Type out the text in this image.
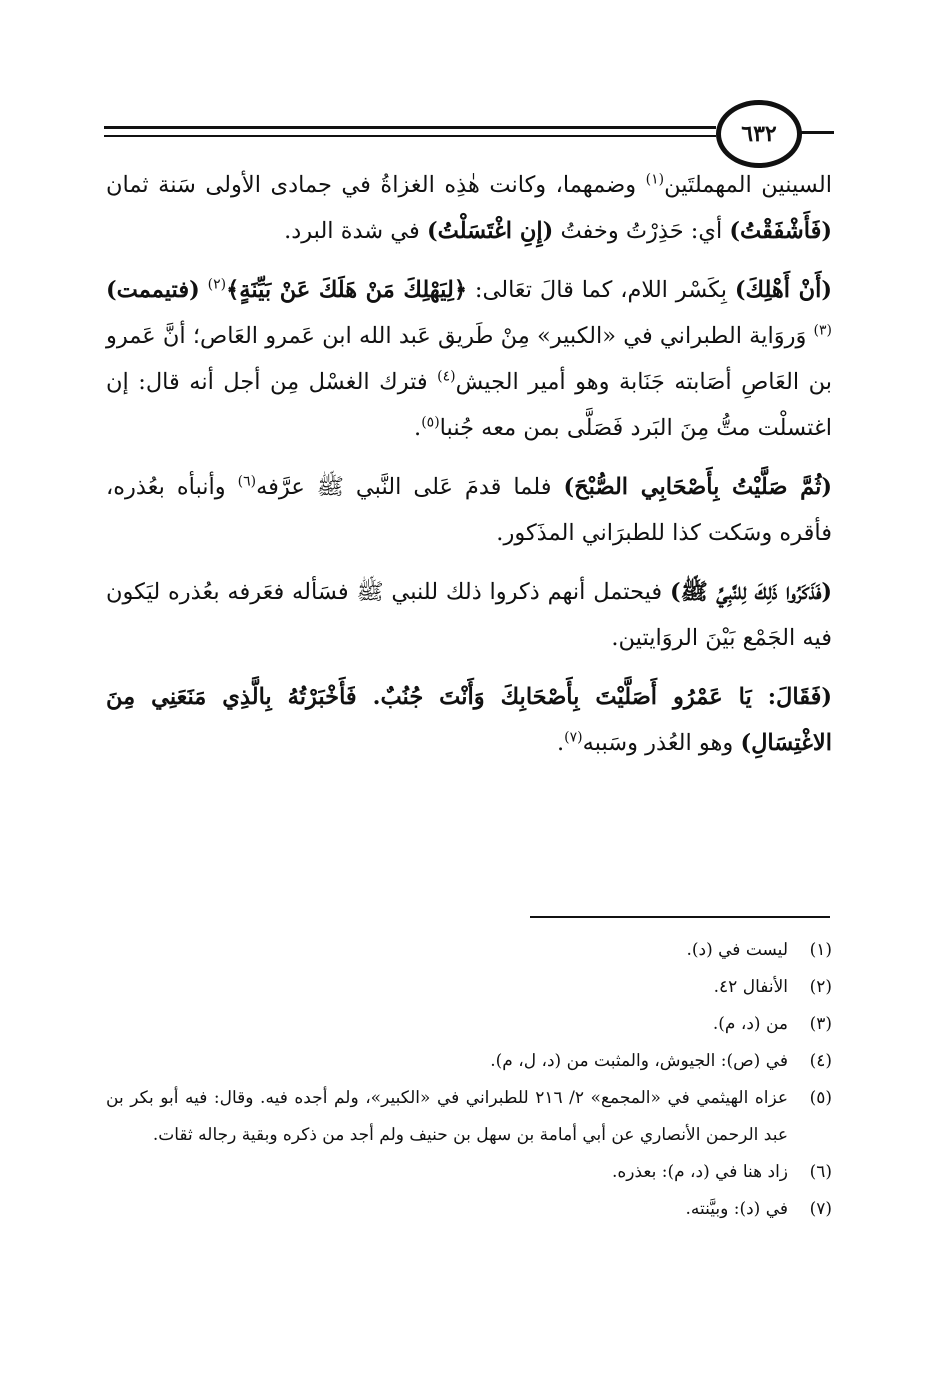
٦٣٢

السينين المهملتَين$^{(١)}$ وضمهما، وكانت هٰذِه الغزاةُ في جمادى الأولى سَنة ثمان (فَأَشْفَقْتُ) أي: حَذِرْتُ وخفتُ (إِنِ اغْتَسَلْتُ) في شدة البرد.

(أَنْ أَهْلِكَ) بِكَسْر اللام، كما قالَ تعَالى: ﴿لِيَهْلِكَ مَنْ هَلَكَ عَنْ بَيِّنَةٍ﴾$^{(٢)}$ (فتيممت)$^{(٣)}$ وَروَاية الطبراني في «الكبير» مِنْ طَريق عَبد الله ابن عَمرو العَاص؛ أنَّ عَمرو بن العَاصِ أصَابته جَنَابة وهو أمير الجيش$^{(٤)}$ فترك الغسْل مِن أجل أنه قال: إن اغتسلْت متُّ مِنَ البَرد فَصَلَّى بمن معه جُنبا$^{(٥)}$.

(ثُمَّ صَلَّيْتُ بِأَصْحَابِي الصُّبْحَ) فلما قدمَ عَلى النَّبي ﷺ عرَّفه$^{(٦)}$ وأنبأه بعُذره، فأقره وسَكت كذا للطبرَاني المذَكور.

(فَذَكَرُوا ذَلِكَ لِلنَّبِيِّ ﷺ) فيحتمل أنهم ذكروا ذلك للنبي ﷺ فسَأله فعَرفه بعُذره ليَكون فيه الجَمْع بَيْنَ الروَايتين.

(فَقَالَ: يَا عَمْرُو أَصَلَّيْتَ بِأَصْحَابِكَ وَأَنْتَ جُنُبٌ. فَأَخْبَرْتُهُ بِالَّذِي مَنَعَنِي مِنَ الاغْتِسَالِ) وهو العُذر وسَببه$^{(٧)}$.

(١)
ليست في (د).
(٢)
الأنفال ٤٢.
(٣)
من (د، م).
(٤)
في (ص): الجيوش، والمثبت من (د، ل، م).
(٥)
عزاه الهيثمي في «المجمع» ٢/ ٢١٦ للطبراني في «الكبير»، ولم أجده فيه. وقال: فيه أبو بكر بن عبد الرحمن الأنصاري عن أبي أمامة بن سهل بن حنيف ولم أجد من ذكره وبقية رجاله ثقات.
(٦)
زاد هنا في (د، م): بعذره.
(٧)
في (د): وبيَّنته.
